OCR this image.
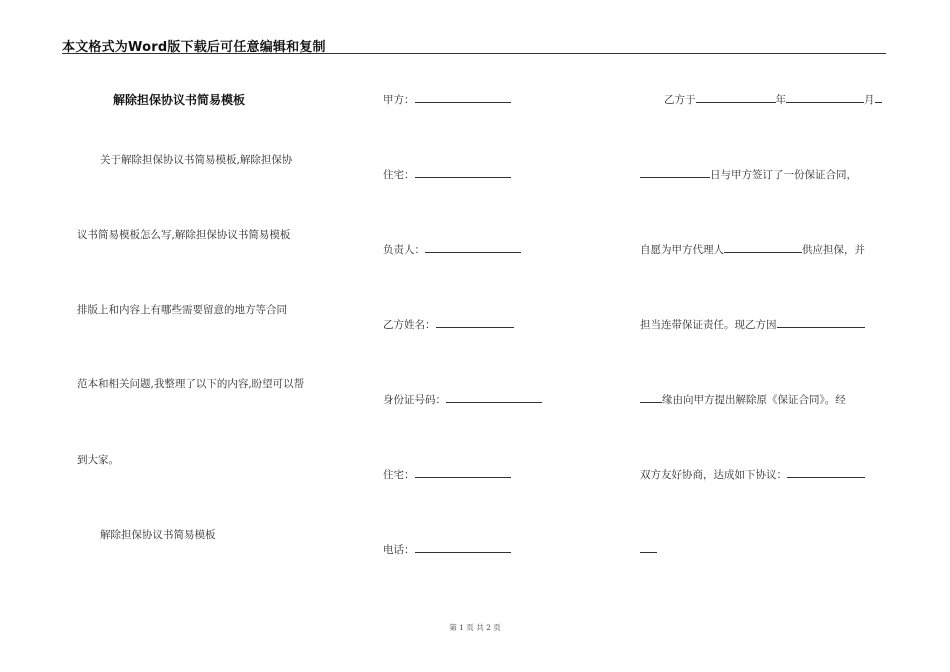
本文格式为Word版下载后可任意编辑和复制
解除担保协议书简易模板
关于解除担保协议书简易模板,解除担保协
议书简易模板怎么写,解除担保协议书简易模板
排版上和内容上有哪些需要留意的地方等合同
范本和相关问题,我整理了以下的内容,盼望可以帮
到大家。
解除担保协议书简易模板
甲方：
住宅：
负责人：
乙方姓名：
身份证号码：
住宅：
电话：
乙方于	年	月
日与甲方签订了一份保证合同，
自愿为甲方代理人	供应担保，并
担当连带保证责任。现乙方因
缘由向甲方提出解除原《保证合同》。经
双方友好协商，达成如下协议：
第 1 页 共 2 页
